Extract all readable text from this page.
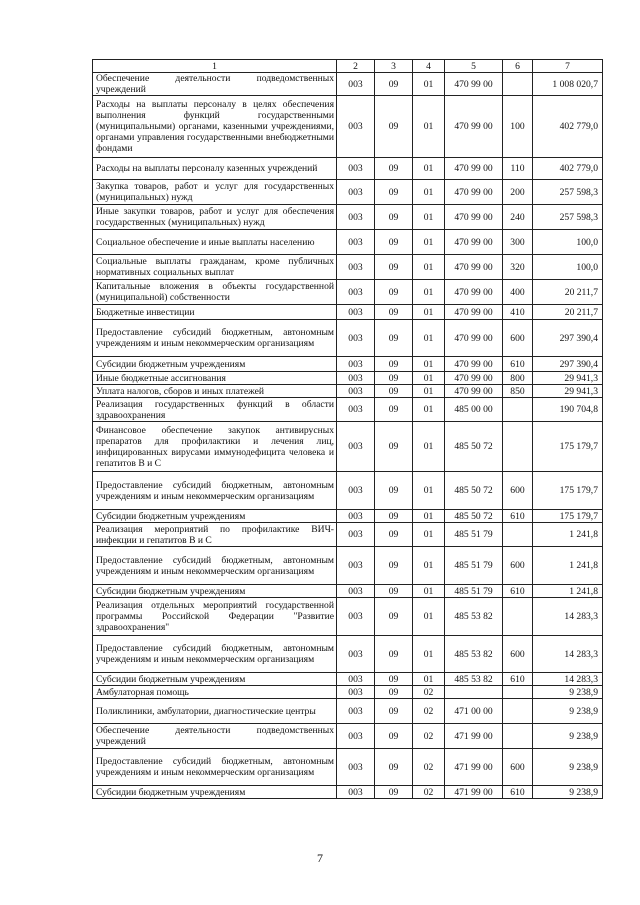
1	2	3	4	5	6	7
Обеспечение деятельности подведомственных учреждений	003	09	01	470 99 00		1 008 020,7
Расходы на выплаты персоналу в целях обеспечения выполнения функций государственными (муниципальными) органами, казенными учреждениями, органами управления государственными внебюджетными фондами	003	09	01	470 99 00	100	402 779,0
Расходы на выплаты персоналу казенных учреждений	003	09	01	470 99 00	110	402 779,0
Закупка товаров, работ и услуг для государственных (муниципальных) нужд	003	09	01	470 99 00	200	257 598,3
Иные закупки товаров, работ и услуг для обеспечения государственных (муниципальных) нужд	003	09	01	470 99 00	240	257 598,3
Социальное обеспечение и иные выплаты населению	003	09	01	470 99 00	300	100,0
Социальные выплаты гражданам, кроме публичных нормативных социальных выплат	003	09	01	470 99 00	320	100,0
Капитальные вложения в объекты государственной (муниципальной) собственности	003	09	01	470 99 00	400	20 211,7
Бюджетные инвестиции	003	09	01	470 99 00	410	20 211,7
Предоставление субсидий бюджетным, автономным учреждениям и иным некоммерческим организациям	003	09	01	470 99 00	600	297 390,4
Субсидии бюджетным учреждениям	003	09	01	470 99 00	610	297 390,4
Иные бюджетные ассигнования	003	09	01	470 99 00	800	29 941,3
Уплата налогов, сборов и иных платежей	003	09	01	470 99 00	850	29 941,3
Реализация государственных функций в области здравоохранения	003	09	01	485 00 00		190 704,8
Финансовое обеспечение закупок антивирусных препаратов для профилактики и лечения лиц, инфицированных вирусами иммунодефицита человека и гепатитов В и С	003	09	01	485 50 72		175 179,7
Предоставление субсидий бюджетным, автономным учреждениям и иным некоммерческим организациям	003	09	01	485 50 72	600	175 179,7
Субсидии бюджетным учреждениям	003	09	01	485 50 72	610	175 179,7
Реализация мероприятий по профилактике ВИЧ-инфекции и гепатитов В и С	003	09	01	485 51 79		1 241,8
Предоставление субсидий бюджетным, автономным учреждениям и иным некоммерческим организациям	003	09	01	485 51 79	600	1 241,8
Субсидии бюджетным учреждениям	003	09	01	485 51 79	610	1 241,8
Реализация отдельных мероприятий государственной программы Российской Федерации "Развитие здравоохранения"	003	09	01	485 53 82		14 283,3
Предоставление субсидий бюджетным, автономным учреждениям и иным некоммерческим организациям	003	09	01	485 53 82	600	14 283,3
Субсидии бюджетным учреждениям	003	09	01	485 53 82	610	14 283,3
Амбулаторная помощь	003	09	02			9 238,9
Поликлиники, амбулатории, диагностические центры	003	09	02	471 00 00		9 238,9
Обеспечение деятельности подведомственных учреждений	003	09	02	471 99 00		9 238,9
Предоставление субсидий бюджетным, автономным учреждениям и иным некоммерческим организациям	003	09	02	471 99 00	600	9 238,9
Субсидии бюджетным учреждениям	003	09	02	471 99 00	610	9 238,9
7
